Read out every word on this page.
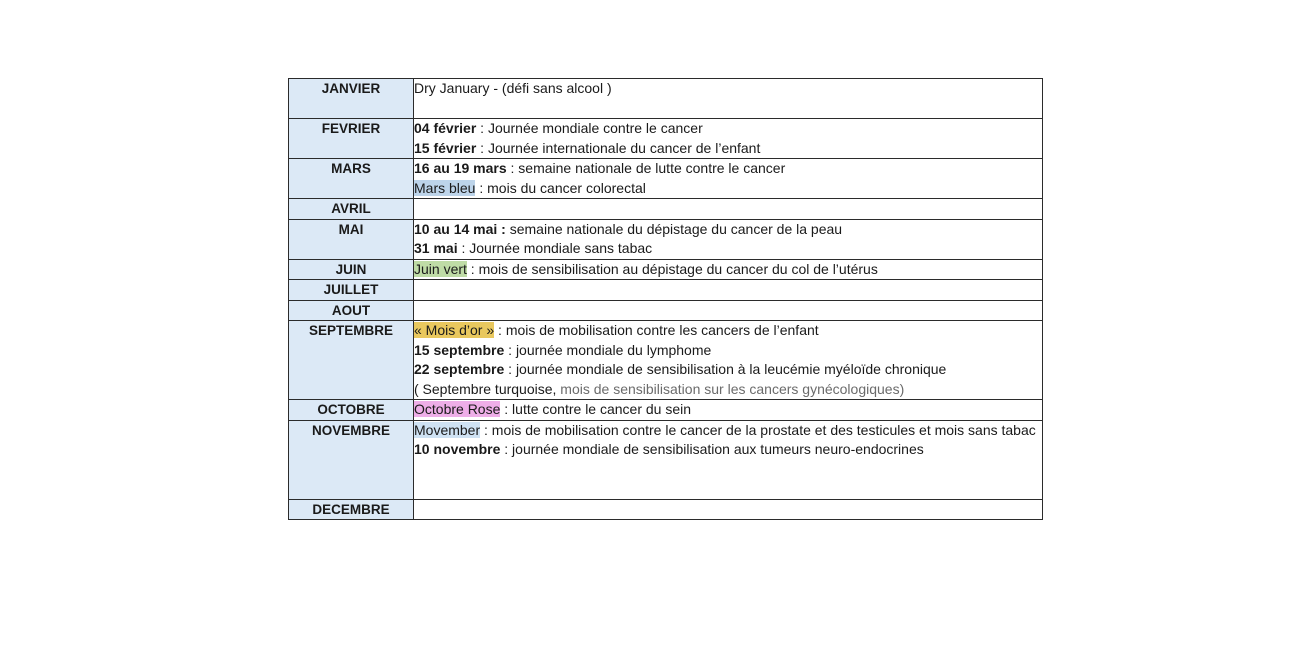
JANVIER	Dry January - (défi sans alcool )

FEVRIER	04 février : Journée mondiale contre le cancer
15 février : Journée internationale du cancer de l’enfant

MARS	16 au 19 mars : semaine nationale de lutte contre le cancer
Mars bleu : mois du cancer colorectal

AVRIL	
MAI	10 au 14 mai : semaine nationale du dépistage du cancer de la peau
31 mai : Journée mondiale sans tabac

JUIN	Juin vert : mois de sensibilisation au dépistage du cancer du col de l’utérus

JUILLET	
AOUT	
SEPTEMBRE	« Mois d’or » : mois de mobilisation contre les cancers de l’enfant
15 septembre : journée mondiale du lymphome
22 septembre : journée mondiale de sensibilisation à la leucémie myéloïde chronique
( Septembre turquoise, mois de sensibilisation sur les cancers gynécologiques)

OCTOBRE	Octobre Rose : lutte contre le cancer du sein

NOVEMBRE	Movember : mois de mobilisation contre le cancer de la prostate et des testicules et mois sans tabac
10 novembre : journée mondiale de sensibilisation aux tumeurs neuro-endocrines

DECEMBRE	
